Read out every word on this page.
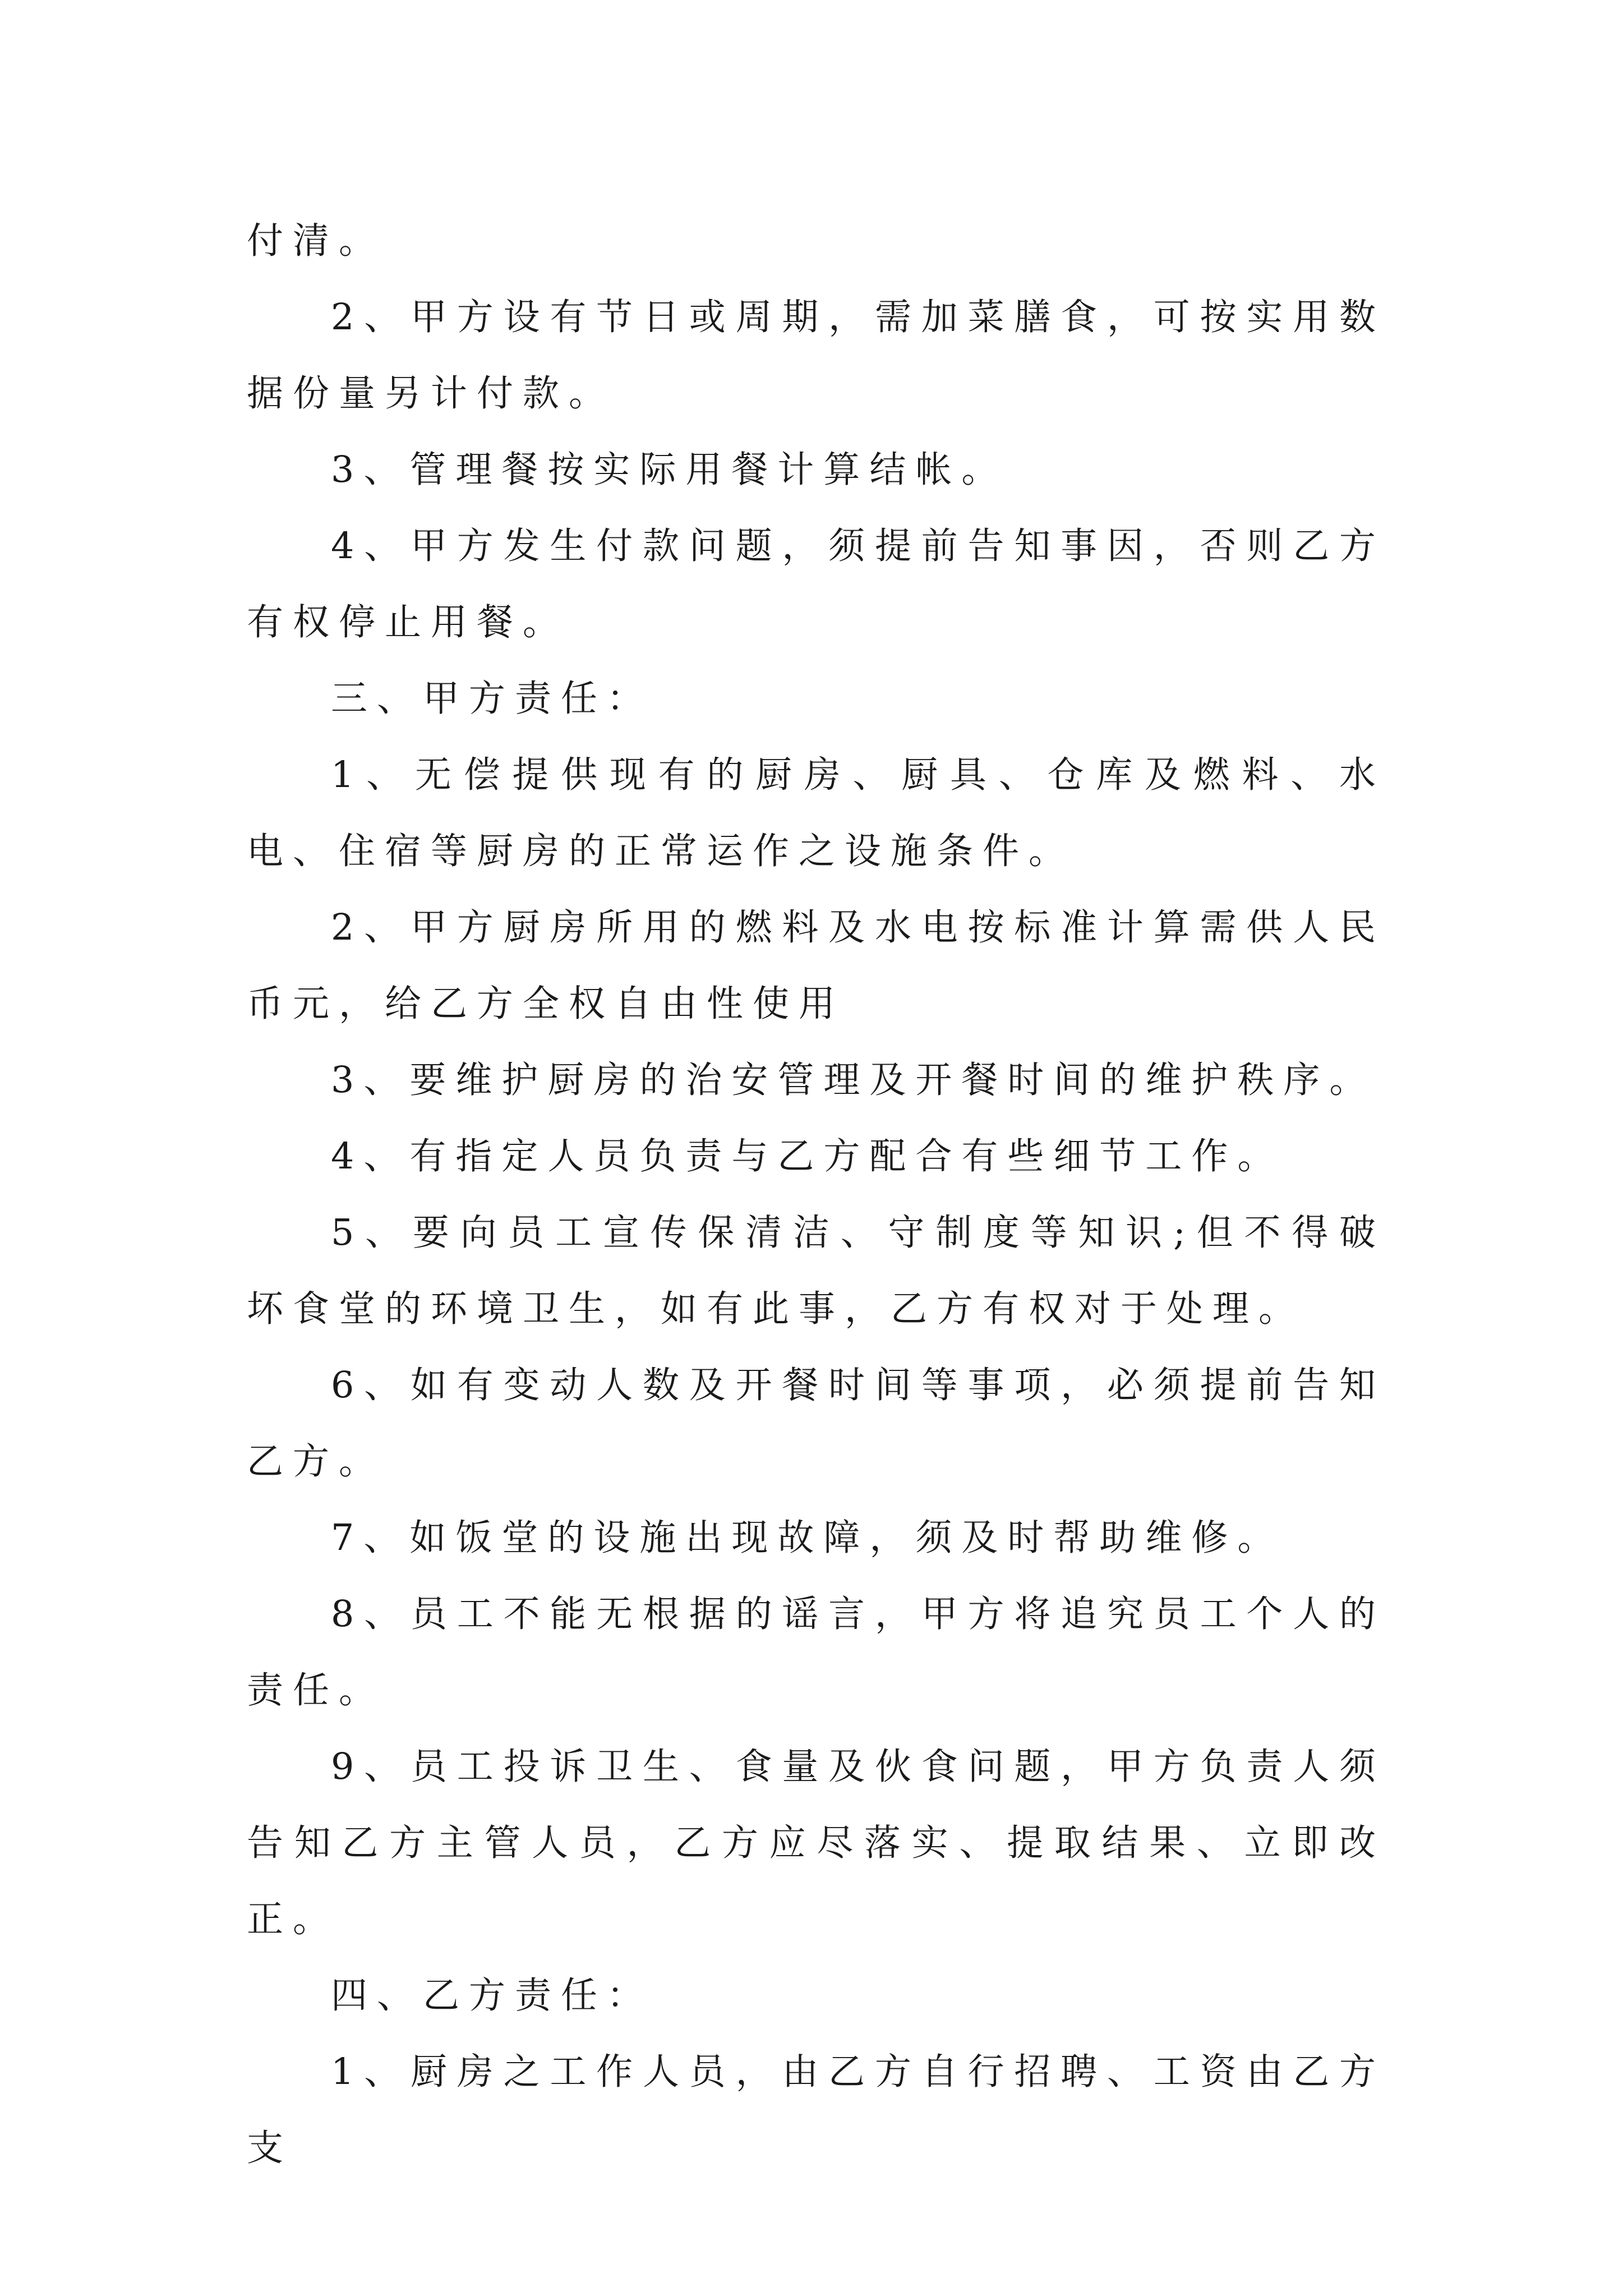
付清。

2、甲方设有节日或周期，需加菜膳食，可按实用数据份量另计付款。

3、管理餐按实际用餐计算结帐。

4、甲方发生付款问题，须提前告知事因，否则乙方有权停止用餐。

三、甲方责任：

1、无偿提供现有的厨房、厨具、仓库及燃料、水电、住宿等厨房的正常运作之设施条件。

2、甲方厨房所用的燃料及水电按标准计算需供人民币元，给乙方全权自由性使用

3、要维护厨房的治安管理及开餐时间的维护秩序。

4、有指定人员负责与乙方配合有些细节工作。

5、要向员工宣传保清洁、守制度等知识;但不得破坏食堂的环境卫生，如有此事，乙方有权对于处理。

6、如有变动人数及开餐时间等事项，必须提前告知乙方。

7、如饭堂的设施出现故障，须及时帮助维修。

8、员工不能无根据的谣言，甲方将追究员工个人的责任。

9、员工投诉卫生、食量及伙食问题，甲方负责人须告知乙方主管人员，乙方应尽落实、提取结果、立即改正。

四、乙方责任：

1、厨房之工作人员，由乙方自行招聘、工资由乙方支
